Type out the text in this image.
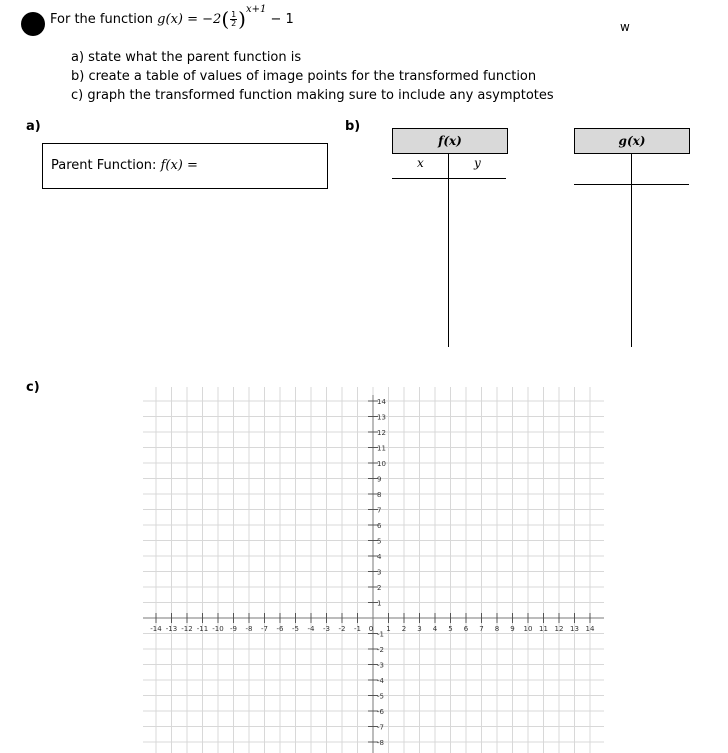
For the function
g(x)
= −2 ( $\frac{1}{2}$ ) x+1

− 1
w
a) state what the parent function is
b) create a table of values of image points for the transformed function
c) graph the transformed function making sure to include any asymptotes
a)
Parent Function: f(x) =
b)
f(x)
x	y
g(x)
c)
-14 -13 -12 -11 -10 -9 -8 -7 -6 -5 -4 -3 -2 -1 0 1 2 3 4 5 6 7 8 9 10 11 12 13 14
14
13
12
11
10
9
8
7
6
5
4
3
2
1
-1
-2
-3
-4
-5
-6
-7
-8
